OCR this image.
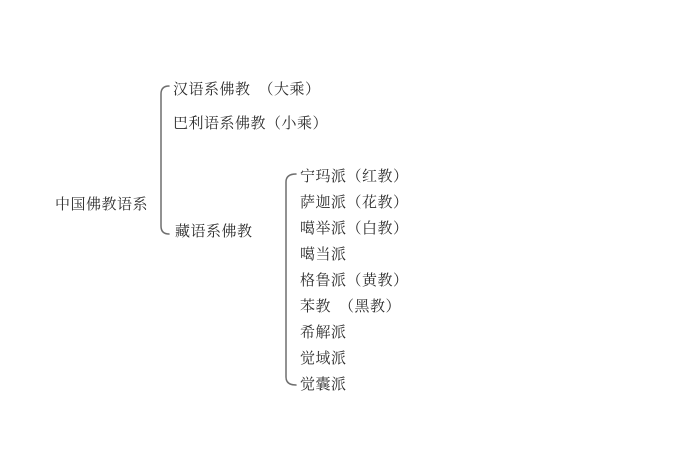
中国佛教语系
汉语系佛教　（大乘）
巴利语系佛教（小乘）
藏语系佛教
宁玛派（红教）
萨迦派（花教）
噶举派（白教）
噶当派
格鲁派（黄教）
苯教　（黑教）
希解派
觉域派
觉囊派
